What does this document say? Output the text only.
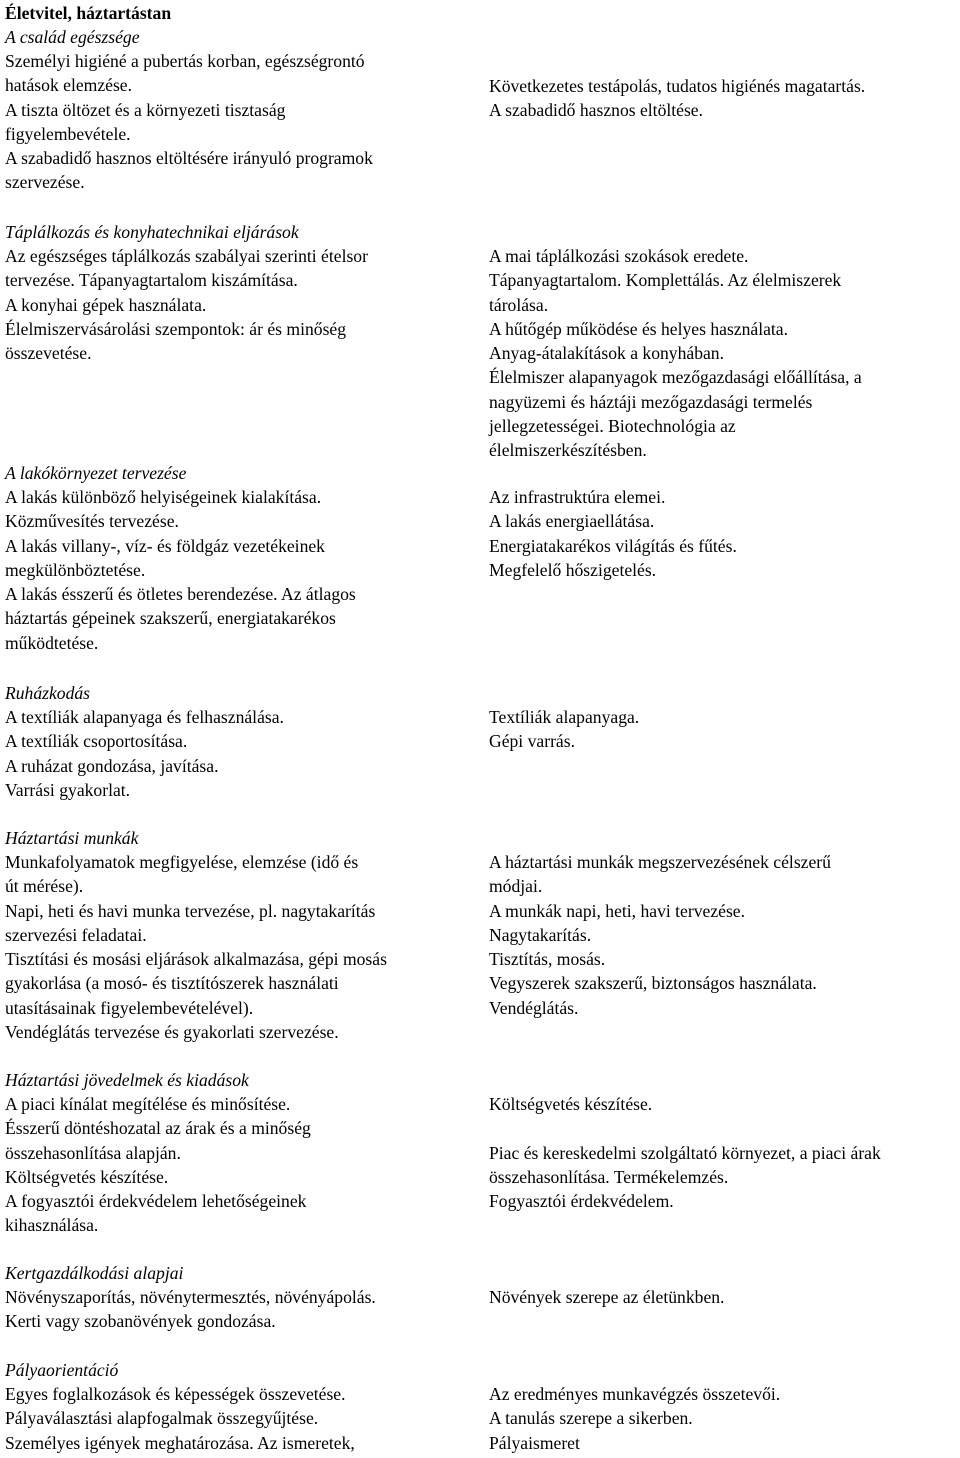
Életvitel, háztartástan
A család egészsége
Személyi higiéné a pubertás korban, egészségrontó
hatások elemzése.
A tiszta öltözet és a környezeti tisztaság
figyelembevétele.
A szabadidő hasznos eltöltésére irányuló programok
szervezése.
Következetes testápolás, tudatos higiénés magatartás.
A szabadidő hasznos eltöltése.
Táplálkozás és konyhatechnikai eljárások
Az egészséges táplálkozás szabályai szerinti ételsor
tervezése. Tápanyagtartalom kiszámítása.
A konyhai gépek használata.
Élelmiszervásárolási szempontok: ár és minőség
összevetése.
A mai táplálkozási szokások eredete.
Tápanyagtartalom. Komplettálás. Az élelmiszerek
tárolása.
A hűtőgép működése és helyes használata.
Anyag-átalakítások a konyhában.
Élelmiszer alapanyagok mezőgazdasági előállítása, a
nagyüzemi és háztáji mezőgazdasági termelés
jellegzetességei. Biotechnológia az
élelmiszerkészítésben.
A lakókörnyezet tervezése
A lakás különböző helyiségeinek kialakítása.
Közművesítés tervezése.
A lakás villany-, víz- és földgáz vezetékeinek
megkülönböztetése.
A lakás ésszerű és ötletes berendezése. Az átlagos
háztartás gépeinek szakszerű, energiatakarékos
működtetése.
Az infrastruktúra elemei.
A lakás energiaellátása.
Energiatakarékos világítás és fűtés.
Megfelelő hőszigetelés.
Ruházkodás
A textíliák alapanyaga és felhasználása.
A textíliák csoportosítása.
A ruházat gondozása, javítása.
Varrási gyakorlat.
Textíliák alapanyaga.
Gépi varrás.
Háztartási munkák
Munkafolyamatok megfigyelése, elemzése (idő és
út mérése).
Napi, heti és havi munka tervezése, pl. nagytakarítás
szervezési feladatai.
Tisztítási és mosási eljárások alkalmazása, gépi mosás
gyakorlása (a mosó- és tisztítószerek használati
utasításainak figyelembevételével).
Vendéglátás tervezése és gyakorlati szervezése.
A háztartási munkák megszervezésének célszerű
módjai.
A munkák napi, heti, havi tervezése.
Nagytakarítás.
Tisztítás, mosás.
Vegyszerek szakszerű, biztonságos használata.
Vendéglátás.
Háztartási jövedelmek és kiadások
A piaci kínálat megítélése és minősítése.
Ésszerű döntéshozatal az árak és a minőség
összehasonlítása alapján.
Költségvetés készítése.
A fogyasztói érdekvédelem lehetőségeinek
kihasználása.
Költségvetés készítése.

Piac és kereskedelmi szolgáltató környezet, a piaci árak
összehasonlítása. Termékelemzés.
Fogyasztói érdekvédelem.
Kertgazdálkodási alapjai
Növényszaporítás, növénytermesztés, növényápolás.
Kerti vagy szobanövények gondozása.
Növények szerepe az életünkben.
Pályaorientáció
Egyes foglalkozások és képességek összevetése.
Pályaválasztási alapfogalmak összegyűjtése.
Személyes igények meghatározása. Az ismeretek,
Az eredményes munkavégzés összetevői.
A tanulás szerepe a sikerben.
Pályaismeret
